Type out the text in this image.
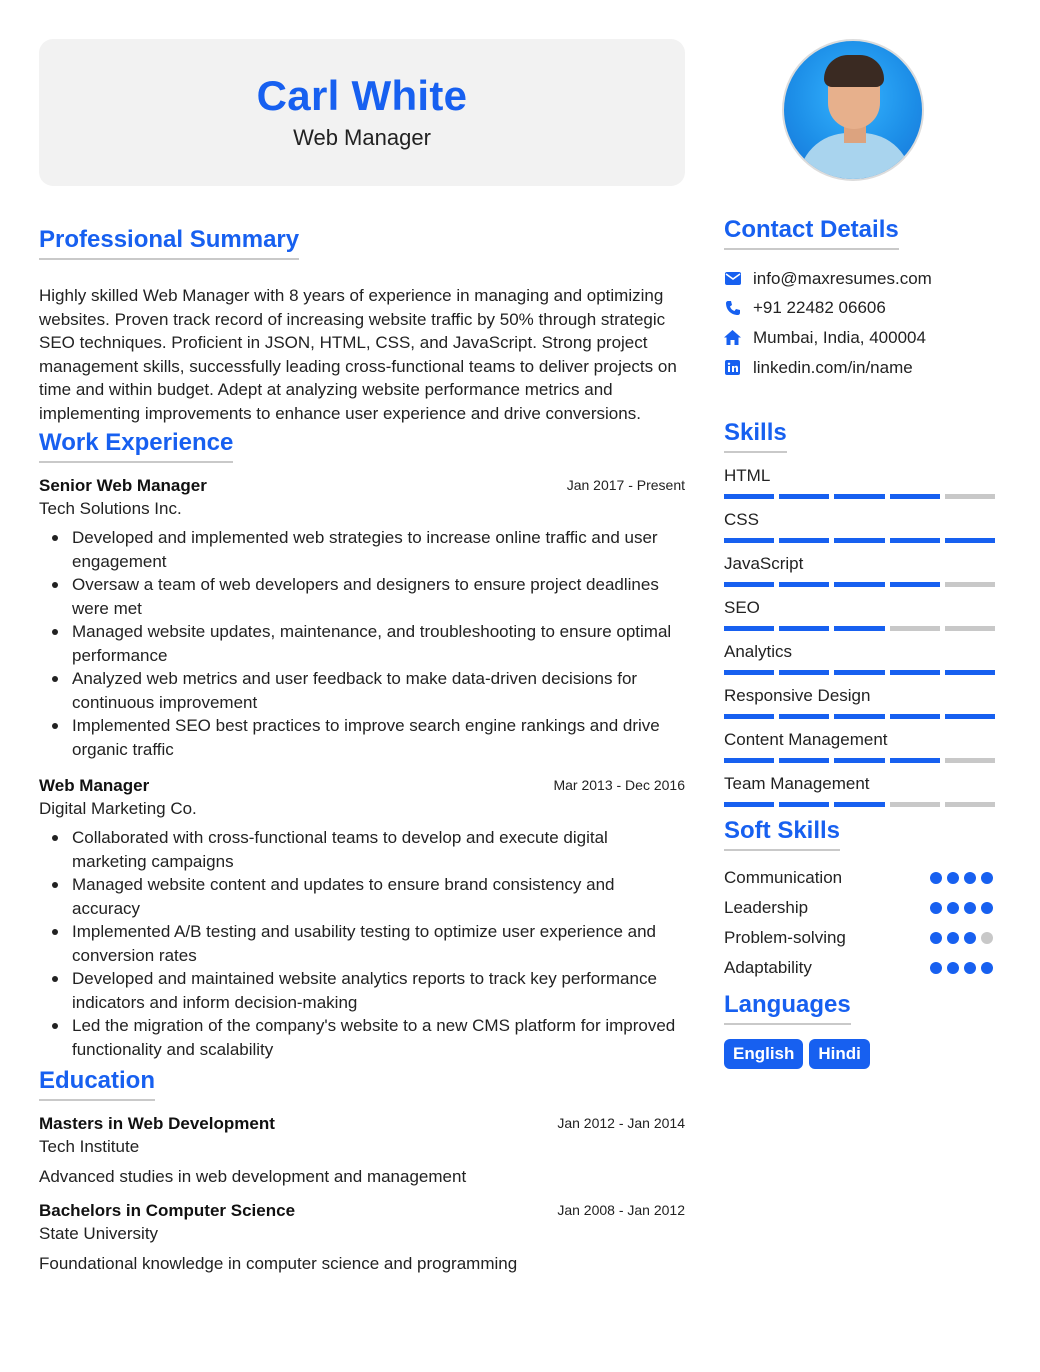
Carl White
Web Manager
Professional Summary

Highly skilled Web Manager with 8 years of experience in managing and optimizing websites. Proven track record of increasing website traffic by 50% through strategic SEO techniques. Proficient in JSON, HTML, CSS, and JavaScript. Strong project management skills, successfully leading cross-functional teams to deliver projects on time and within budget. Adept at analyzing website performance metrics and implementing improvements to enhance user experience and drive conversions.

Work Experience
Senior Web Manager	Jan 2017 - Present
Tech Solutions Inc.
Developed and implemented web strategies to increase online traffic and user engagement
Oversaw a team of web developers and designers to ensure project deadlines were met
Managed website updates, maintenance, and troubleshooting to ensure optimal performance
Analyzed web metrics and user feedback to make data-driven decisions for continuous improvement
Implemented SEO best practices to improve search engine rankings and drive organic traffic
Web Manager	Mar 2013 - Dec 2016
Digital Marketing Co.
Collaborated with cross-functional teams to develop and execute digital marketing campaigns
Managed website content and updates to ensure brand consistency and accuracy
Implemented A/B testing and usability testing to optimize user experience and conversion rates
Developed and maintained website analytics reports to track key performance indicators and inform decision-making
Led the migration of the company's website to a new CMS platform for improved functionality and scalability
Education
Masters in Web Development	Jan 2012 - Jan 2014
Tech Institute
Advanced studies in web development and management
Bachelors in Computer Science	Jan 2008 - Jan 2012
State University
Foundational knowledge in computer science and programming
Contact Details
info@maxresumes.com
+91 22482 06606
Mumbai, India, 400004
linkedin.com/in/name
Skills
HTML
CSS
JavaScript
SEO
Analytics
Responsive Design
Content Management
Team Management
Soft Skills
Communication
Leadership
Problem-solving
Adaptability
Languages
English	Hindi
